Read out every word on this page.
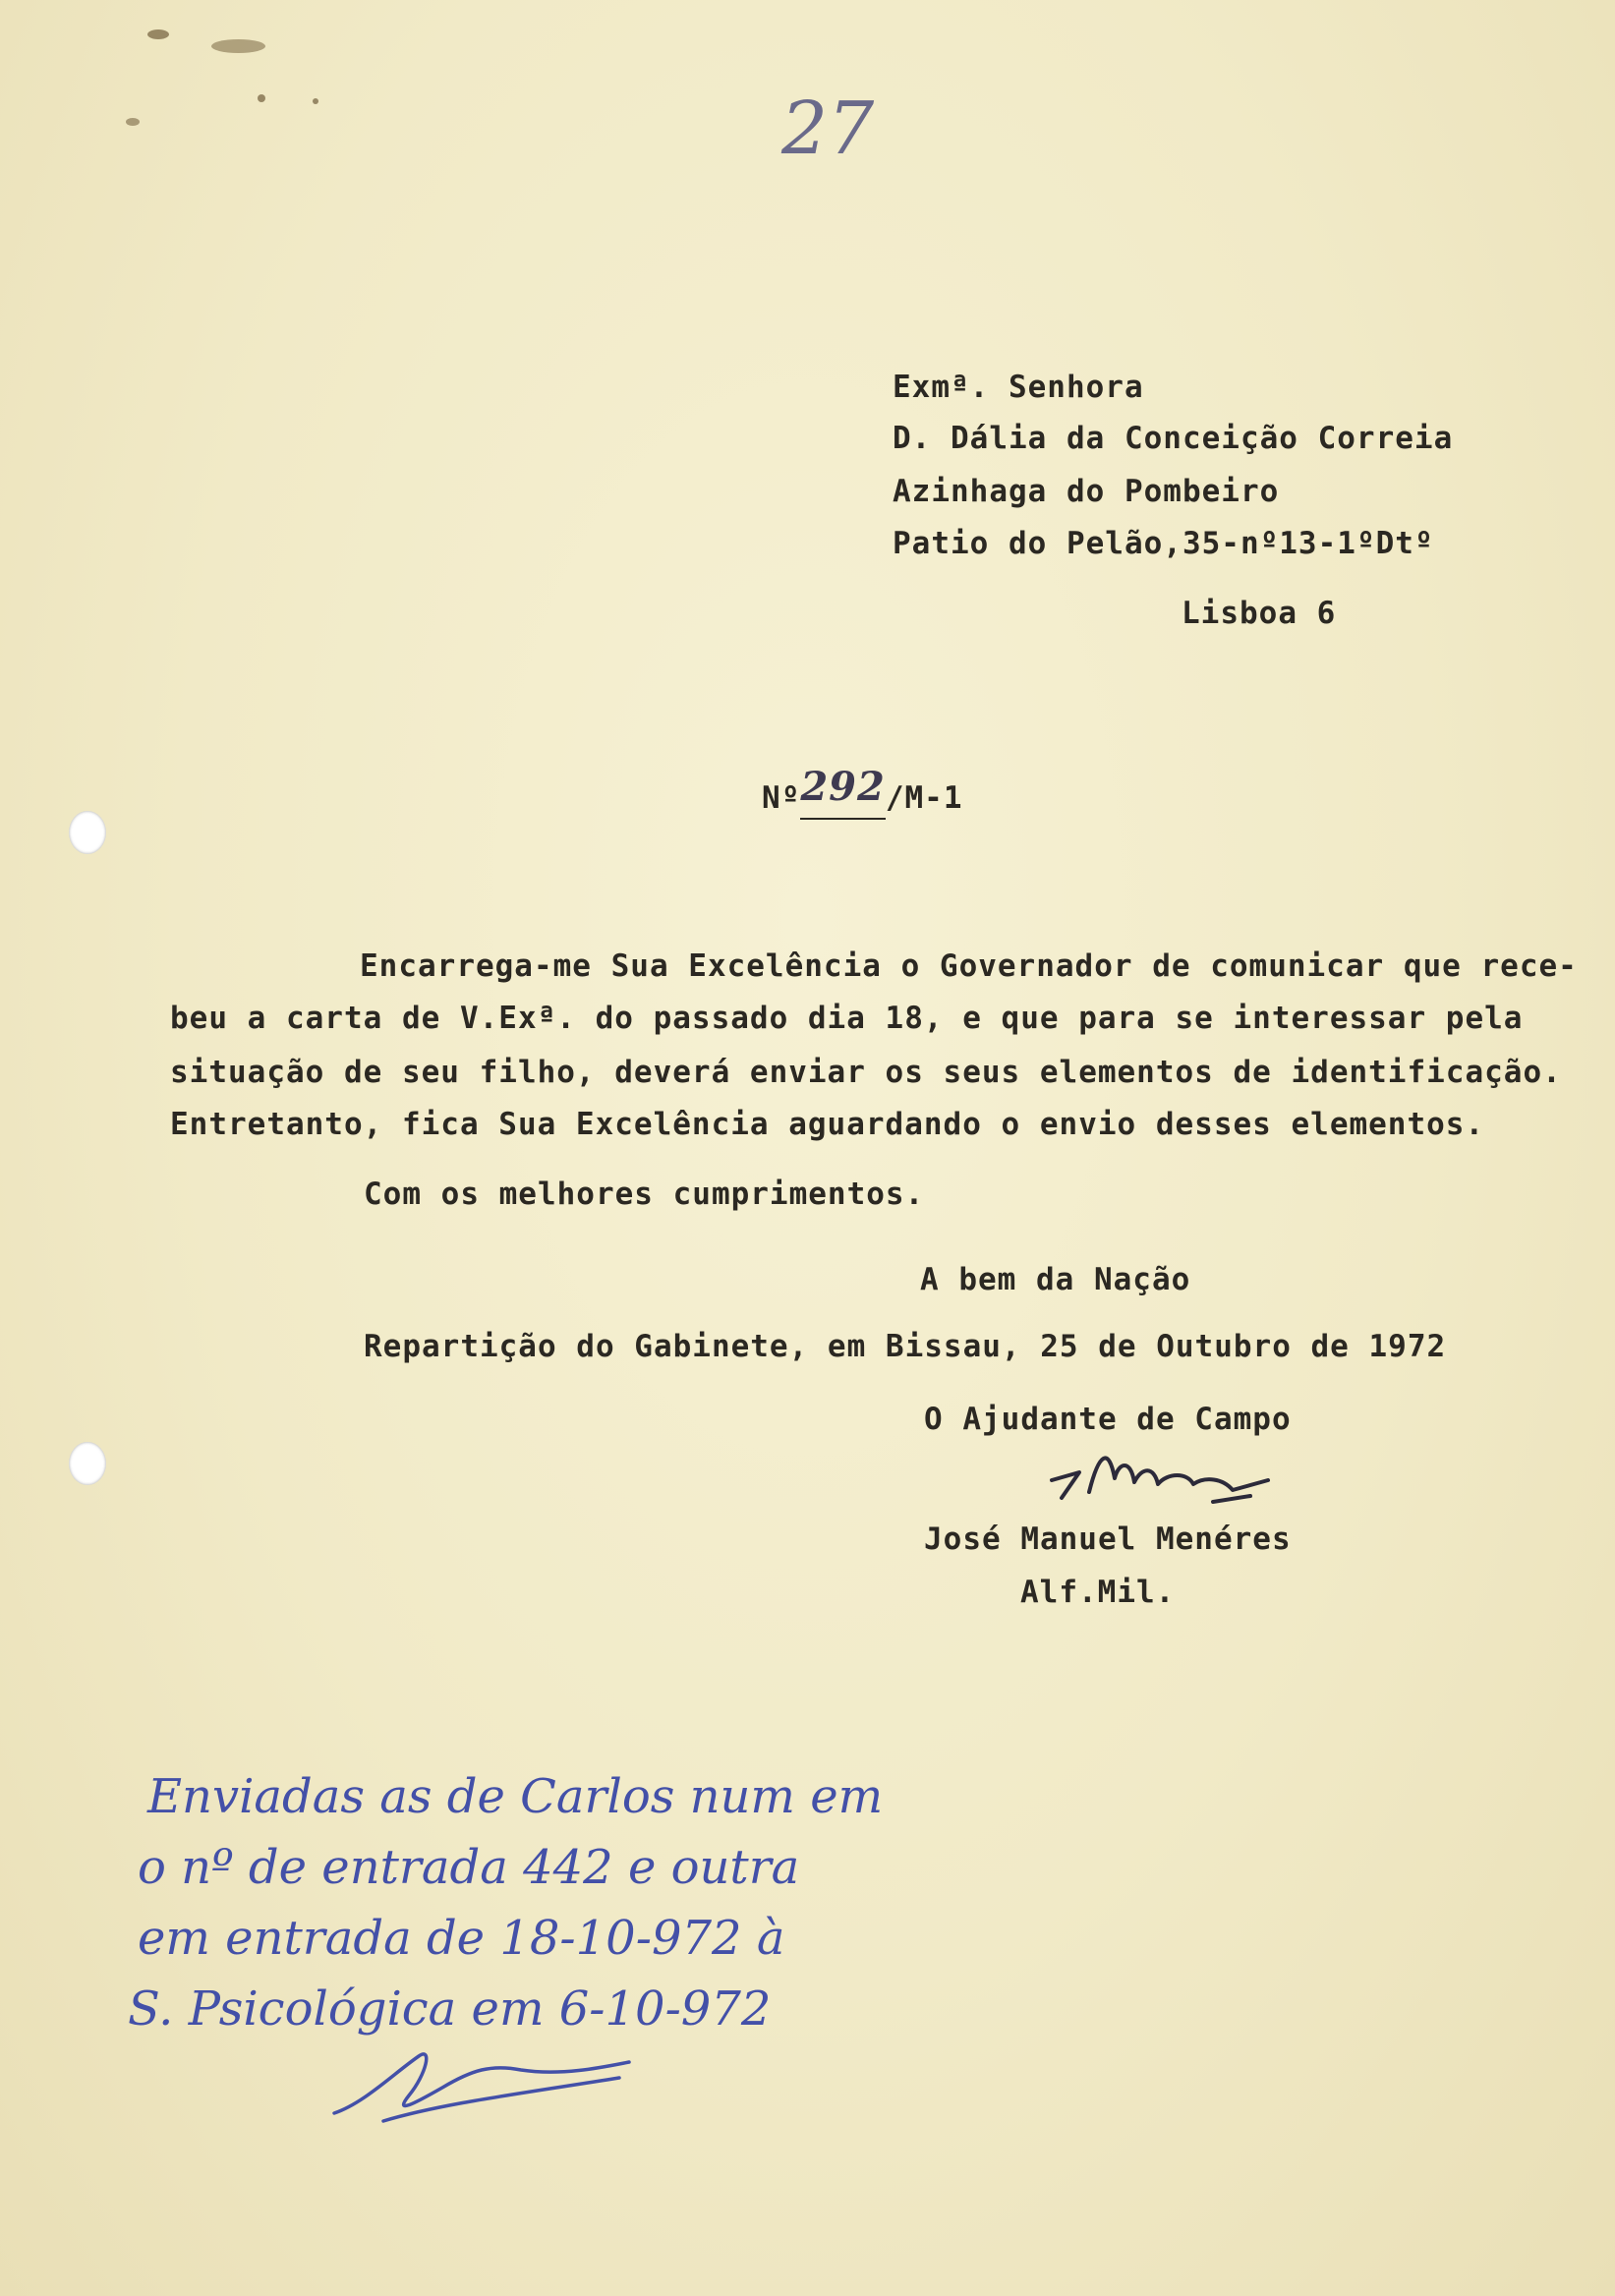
27
Exmª. Senhora
D. Dália da Conceição Correia
Azinhaga do Pombeiro
Patio do Pelão,35-nº13-1ºDtº
Lisboa 6
Nº292/M-1
Encarrega-me Sua Excelência o Governador de comunicar que rece-
beu a carta de V.Exª. do passado dia 18, e que para se interessar pela
situação de seu filho, deverá enviar os seus elementos de identificação.
Entretanto, fica Sua Excelência aguardando o envio desses elementos.
Com os melhores cumprimentos.
A bem da Nação
Repartição do Gabinete, em Bissau, 25 de Outubro de 1972
O Ajudante de Campo
José Manuel Menéres
Alf.Mil.
Enviadas as de Carlos num em
o nº de entrada 442 e outra
em entrada de 18-10-972 à
S. Psicológica em 6-10-972
